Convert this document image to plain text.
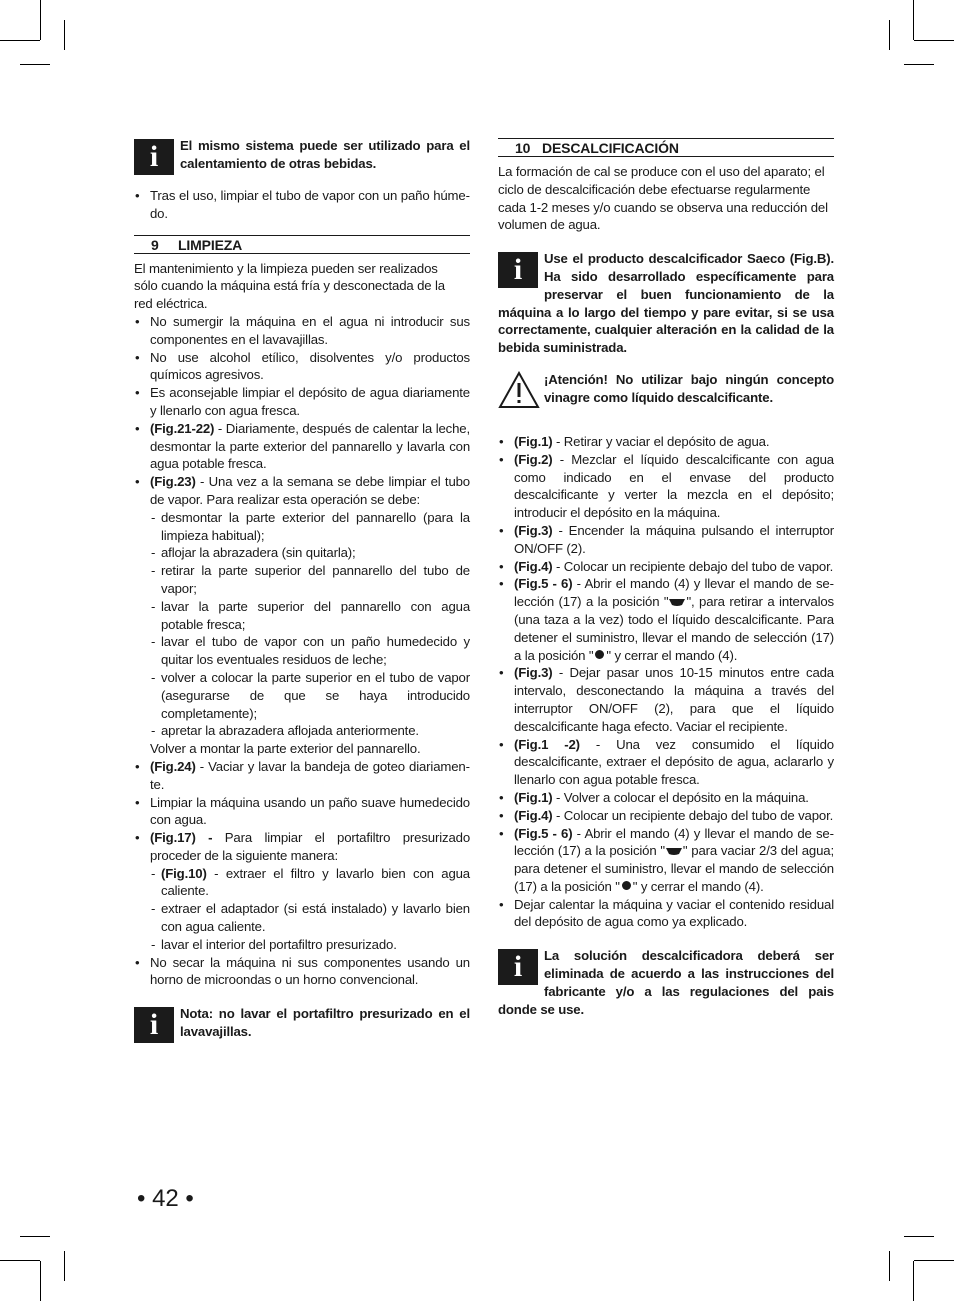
i	El mismo sistema puede ser utilizado para el calentamiento de otras bebidas.
• Tras el uso, limpiar el tubo de vapor con un paño húmedo.
9 LIMPIEZA

El mantenimiento y la limpieza pueden ser realizados sólo cuando la máquina está fría y desconectada de la red eléctrica.

• No sumergir la máquina en el agua ni introducir sus componentes en el lavavajillas.
• No use alcohol etílico, disolventes y/o productos químicos agresivos.
• Es aconsejable limpiar el depósito de agua diariamente y llenarlo con agua fresca.
• (Fig.21-22) - Diariamente, después de calentar la leche, desmontar la parte exterior del pannarello y lavarla con agua potable fresca.
• (Fig.23) - Una vez a la semana se debe limpiar el tubo de vapor. Para realizar esta operación se debe:
- desmontar la parte exterior del pannarello (para la limpieza habitual);
- aflojar la abrazadera (sin quitarla);
- retirar la parte superior del pannarello del tubo de vapor;
- lavar la parte superior del pannarello con agua potable fresca;
- lavar el tubo de vapor con un paño humedecido y quitar los eventuales residuos de leche;
- volver a colocar la parte superior en el tubo de vapor (asegurarse de que se haya introducido completamente);
- apretar la abrazadera aflojada anteriormente.

Volver a montar la parte exterior del pannarello.

• (Fig.24) - Vaciar y lavar la bandeja de goteo diariamente.
• Limpiar la máquina usando un paño suave humedecido con agua.
• (Fig.17) - Para limpiar el portafiltro presurizado proceder de la siguiente manera:
- (Fig.10) - extraer el filtro y lavarlo bien con agua caliente.
- extraer el adaptador (si está instalado) y lavarlo bien con agua caliente.
- lavar el interior del portafiltro presurizado.
• No secar la máquina ni sus componentes usando un horno de microondas o un horno convencional.
i	Nota: no lavar el portafiltro presurizado en el lavavajillas.
10 DESCALCIFICACIÓN

La formación de cal se produce con el uso del aparato; el ciclo de descalcificación debe efectuarse regularmente cada 1-2 meses y/o cuando se observa una reducción del volumen de agua.

i	Use el producto descalcificador Saeco (Fig.B). Ha sido desarrollado específicamente para preservar el buen funcionamiento de la máquina a lo largo del tiempo y pare evitar, si se usa correctamente, cualquier alteración en la calidad de la bebida suministrada.
¡Atención! No utilizar bajo ningún concepto vinagre como líquido descalcificante.
• (Fig.1) - Retirar y vaciar el depósito de agua.
• (Fig.2) - Mezclar el líquido descalcificante con agua como indicado en el envase del producto descalcificante y verter la mezcla en el depósito; introducir el depósito en la máquina.
• (Fig.3) - Encender la máquina pulsando el interruptor ON/OFF (2).
• (Fig.4) - Colocar un recipiente debajo del tubo de vapor.
• (Fig.5 - 6) - Abrir el mando (4) y llevar el mando de selección (17) a la posición " ", para retirar a intervalos (una taza a la vez) todo el líquido descalcificante. Para detener el suministro, llevar el mando de selección (17) a la posición " " y cerrar el mando (4).
• (Fig.3) - Dejar pasar unos 10-15 minutos entre cada intervalo, desconectando la máquina a través del interruptor ON/OFF (2), para que el líquido descalcificante haga efecto. Vaciar el recipiente.
• (Fig.1 -2) - Una vez consumido el líquido descalcificante, extraer el depósito de agua, aclararlo y llenarlo con agua potable fresca.
• (Fig.1) - Volver a colocar el depósito en la máquina.
• (Fig.4) - Colocar un recipiente debajo del tubo de vapor.
• (Fig.5 - 6) - Abrir el mando (4) y llevar el mando de selección (17) a la posición " " para vaciar 2/3 del agua; para detener el suministro, llevar el mando de selección (17) a la posición " " y cerrar el mando (4).
• Dejar calentar la máquina y vaciar el contenido residual del depósito de agua como ya explicado.
i	La solución descalcificadora deberá ser eliminada de acuerdo a las instrucciones del fabricante y/o a las regulaciones del pais donde se use.
• 42 •
